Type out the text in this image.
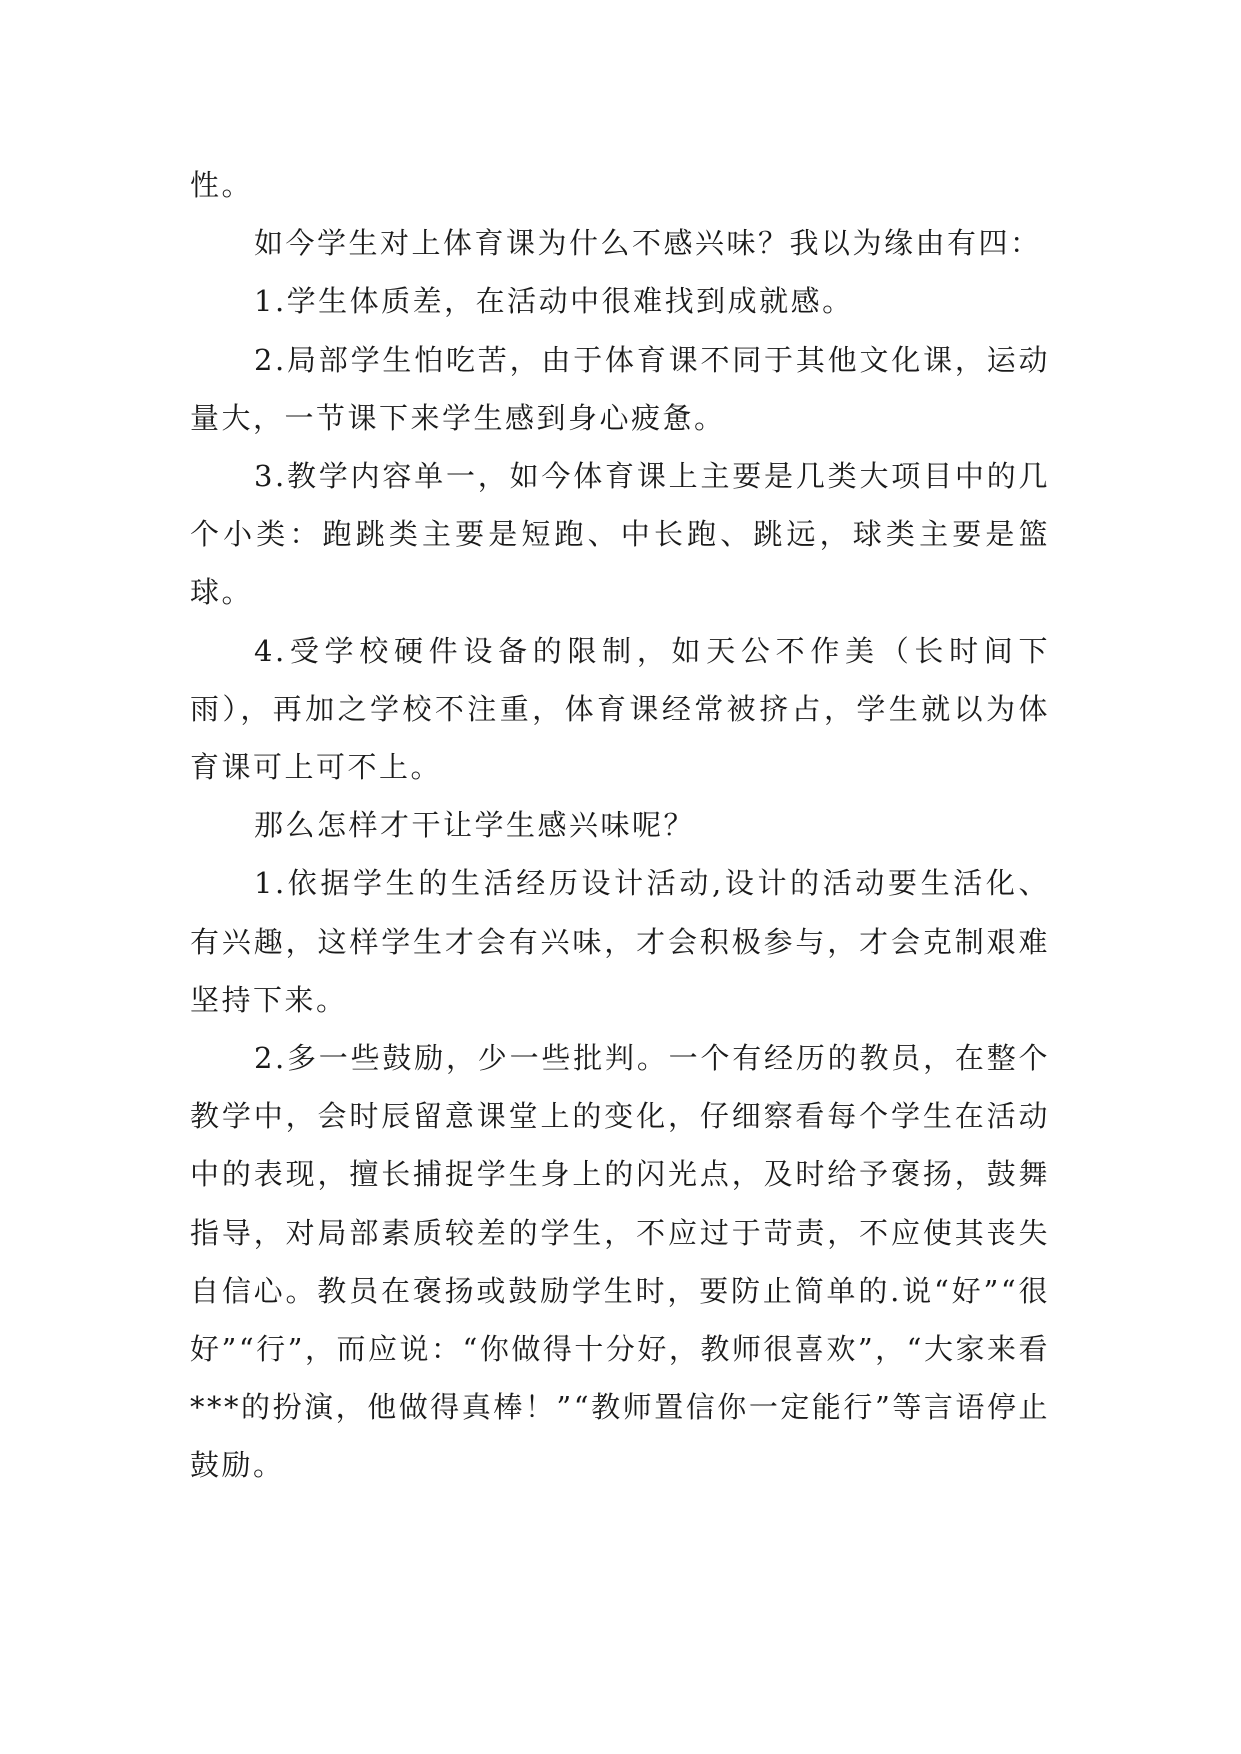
性。

如今学生对上体育课为什么不感兴味？我以为缘由有四：

1.学生体质差，在活动中很难找到成就感。

2.局部学生怕吃苦，由于体育课不同于其他文化课，运动量大，一节课下来学生感到身心疲惫。

3.教学内容单一，如今体育课上主要是几类大项目中的几个小类：跑跳类主要是短跑、中长跑、跳远，球类主要是篮球。

4.受学校硬件设备的限制，如天公不作美（长时间下雨），再加之学校不注重，体育课经常被挤占，学生就以为体育课可上可不上。

那么怎样才干让学生感兴味呢？

1.依据学生的生活经历设计活动,设计的活动要生活化、有兴趣，这样学生才会有兴味，才会积极参与，才会克制艰难坚持下来。

2.多一些鼓励，少一些批判。一个有经历的教员，在整个教学中，会时辰留意课堂上的变化，仔细察看每个学生在活动中的表现，擅长捕捉学生身上的闪光点，及时给予褒扬，鼓舞指导，对局部素质较差的学生，不应过于苛责，不应使其丧失自信心。教员在褒扬或鼓励学生时，要防止简单的.说“好”“很好”“行”，而应说：“你做得十分好，教师很喜欢”，“大家来看***的扮演，他做得真棒！”“教师置信你一定能行”等言语停止鼓励。
